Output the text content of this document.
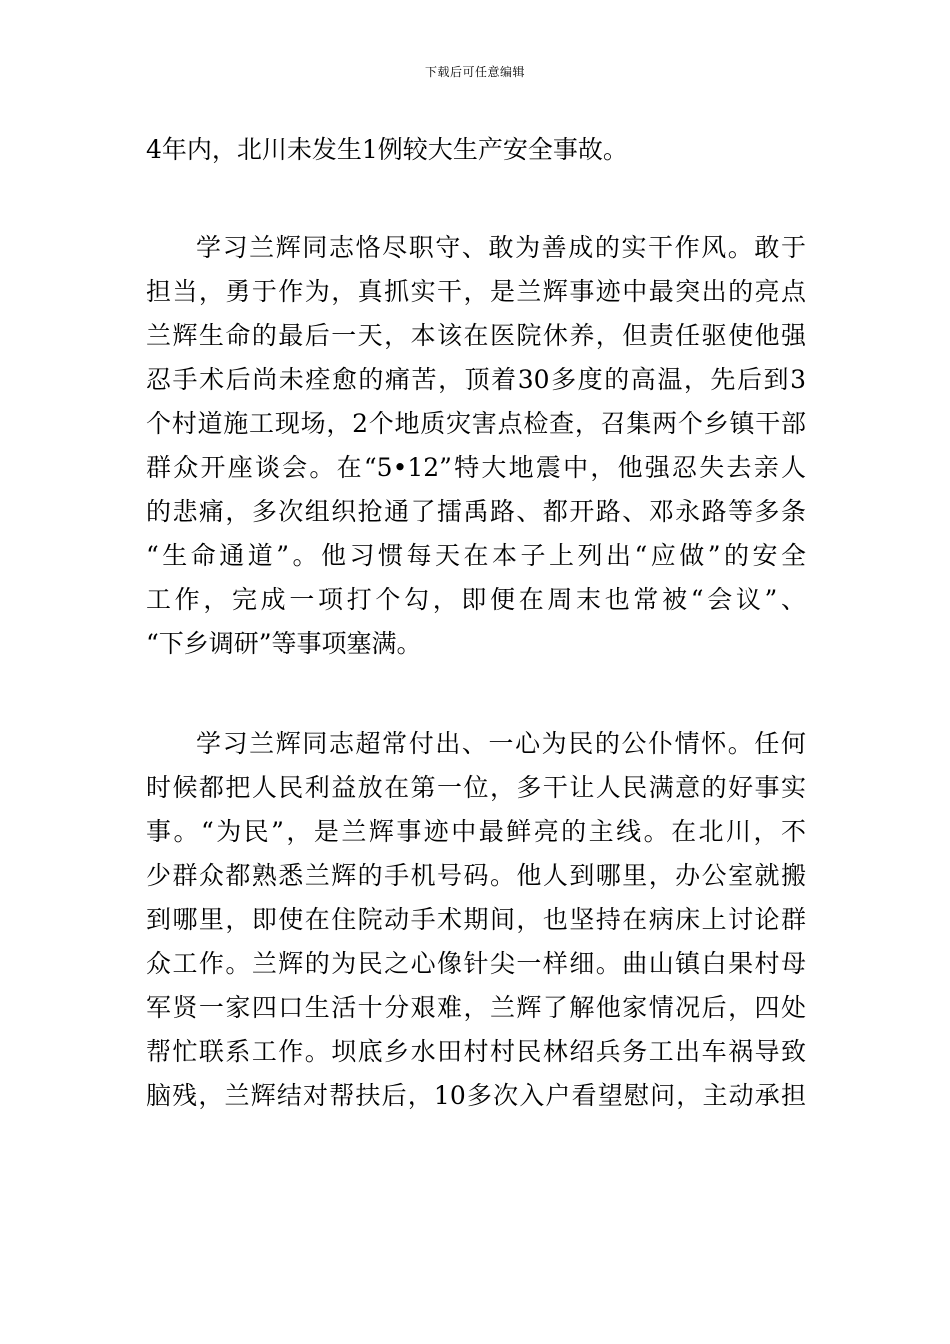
下载后可任意编辑
4年内，北川未发生1例较大生产安全事故。
学习兰辉同志恪尽职守、敢为善成的实干作风。敢于
担当，勇于作为，真抓实干，是兰辉事迹中最突出的亮点
兰辉生命的最后一天，本该在医院休养，但责任驱使他强
忍手术后尚未痊愈的痛苦，顶着30多度的高温，先后到3
个村道施工现场，2个地质灾害点检查，召集两个乡镇干部
群众开座谈会。在“5•12”特大地震中，他强忍失去亲人
的悲痛，多次组织抢通了擂禹路、都开路、邓永路等多条
“生命通道”。他习惯每天在本子上列出“应做”的安全
工作，完成一项打个勾，即便在周末也常被“会议”、
“下乡调研”等事项塞满。
学习兰辉同志超常付出、一心为民的公仆情怀。任何
时候都把人民利益放在第一位，多干让人民满意的好事实
事。“为民”，是兰辉事迹中最鲜亮的主线。在北川，不
少群众都熟悉兰辉的手机号码。他人到哪里，办公室就搬
到哪里，即使在住院动手术期间，也坚持在病床上讨论群
众工作。兰辉的为民之心像针尖一样细。曲山镇白果村母
军贤一家四口生活十分艰难，兰辉了解他家情况后，四处
帮忙联系工作。坝底乡水田村村民林绍兵务工出车祸导致
脑残，兰辉结对帮扶后，10多次入户看望慰问，主动承担
